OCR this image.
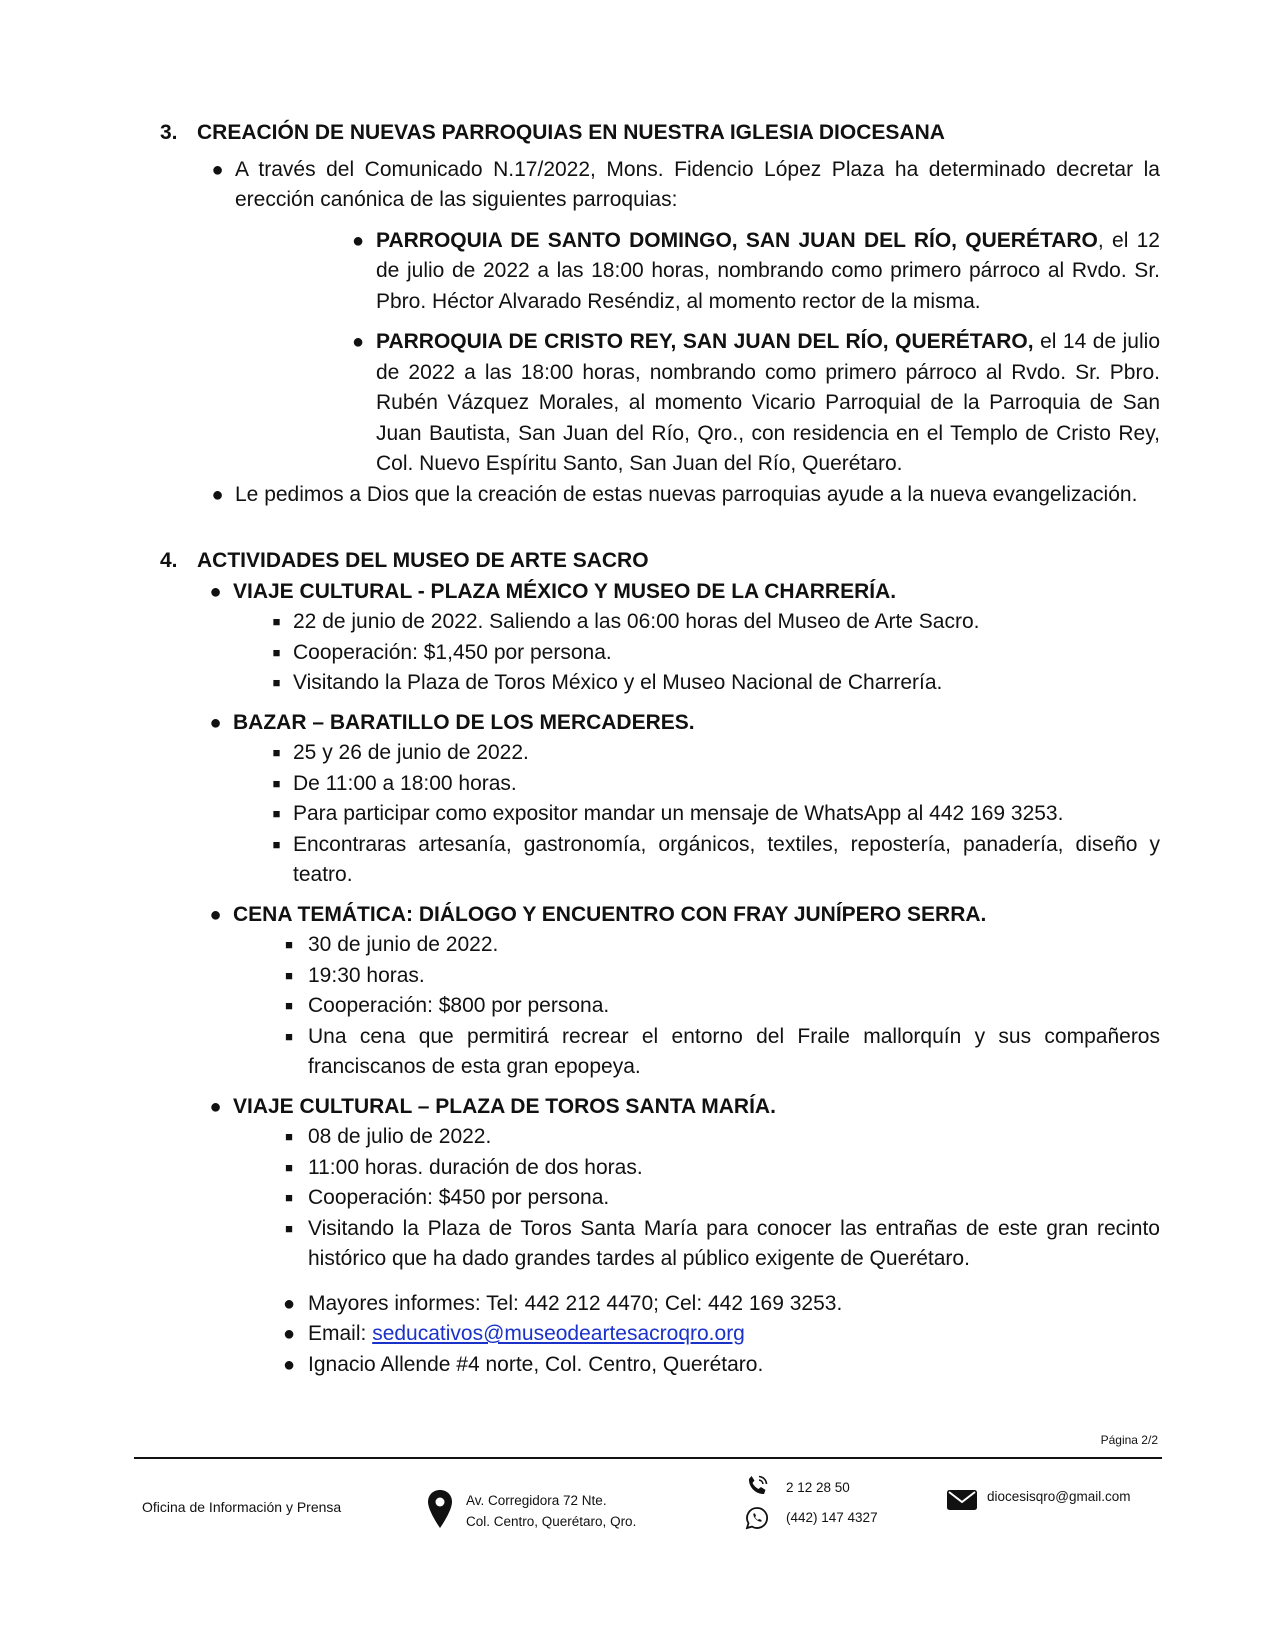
3. CREACIÓN DE NUEVAS PARROQUIAS EN NUESTRA IGLESIA DIOCESANA
● A través del Comunicado N.17/2022, Mons. Fidencio López Plaza ha determinado decretar la erección canónica de las siguientes parroquias:
● PARROQUIA DE SANTO DOMINGO, SAN JUAN DEL RÍO, QUERÉTARO, el 12 de julio de 2022 a las 18:00 horas, nombrando como primero párroco al Rvdo. Sr. Pbro. Héctor Alvarado Reséndiz, al momento rector de la misma.
● PARROQUIA DE CRISTO REY, SAN JUAN DEL RÍO, QUERÉTARO, el 14 de julio de 2022 a las 18:00 horas, nombrando como primero párroco al Rvdo. Sr. Pbro. Rubén Vázquez Morales, al momento Vicario Parroquial de la Parroquia de San Juan Bautista, San Juan del Río, Qro., con residencia en el Templo de Cristo Rey, Col. Nuevo Espíritu Santo, San Juan del Río, Querétaro.
● Le pedimos a Dios que la creación de estas nuevas parroquias ayude a la nueva evangelización.
4. ACTIVIDADES DEL MUSEO DE ARTE SACRO
● VIAJE CULTURAL - PLAZA MÉXICO Y MUSEO DE LA CHARRERÍA.
■ 22 de junio de 2022. Saliendo a las 06:00 horas del Museo de Arte Sacro.
■ Cooperación: $1,450 por persona.
■ Visitando la Plaza de Toros México y el Museo Nacional de Charrería.
● BAZAR – BARATILLO DE LOS MERCADERES.
■ 25 y 26 de junio de 2022.
■ De 11:00 a 18:00 horas.
■ Para participar como expositor mandar un mensaje de WhatsApp al 442 169 3253.
■ Encontraras artesanía, gastronomía, orgánicos, textiles, repostería, panadería, diseño y teatro.
● CENA TEMÁTICA: DIÁLOGO Y ENCUENTRO CON FRAY JUNÍPERO SERRA.
■ 30 de junio de 2022.
■ 19:30 horas.
■ Cooperación: $800 por persona.
■ Una cena que permitirá recrear el entorno del Fraile mallorquín y sus compañeros franciscanos de esta gran epopeya.
● VIAJE CULTURAL – PLAZA DE TOROS SANTA MARÍA.
■ 08 de julio de 2022.
■ 11:00 horas. duración de dos horas.
■ Cooperación: $450 por persona.
■ Visitando la Plaza de Toros Santa María para conocer las entrañas de este gran recinto histórico que ha dado grandes tardes al público exigente de Querétaro.
● Mayores informes: Tel: 442 212 4470; Cel: 442 169 3253.
● Email: seducativos@museodeartesacroqro.org
● Ignacio Allende #4 norte, Col. Centro, Querétaro.
Página 2/2
Oficina de Información y Prensa	Av. Corregidora 72 Nte.
Col. Centro, Querétaro, Qro.
2 12 28 50
(442) 147 4327
diocesisqro@gmail.com
